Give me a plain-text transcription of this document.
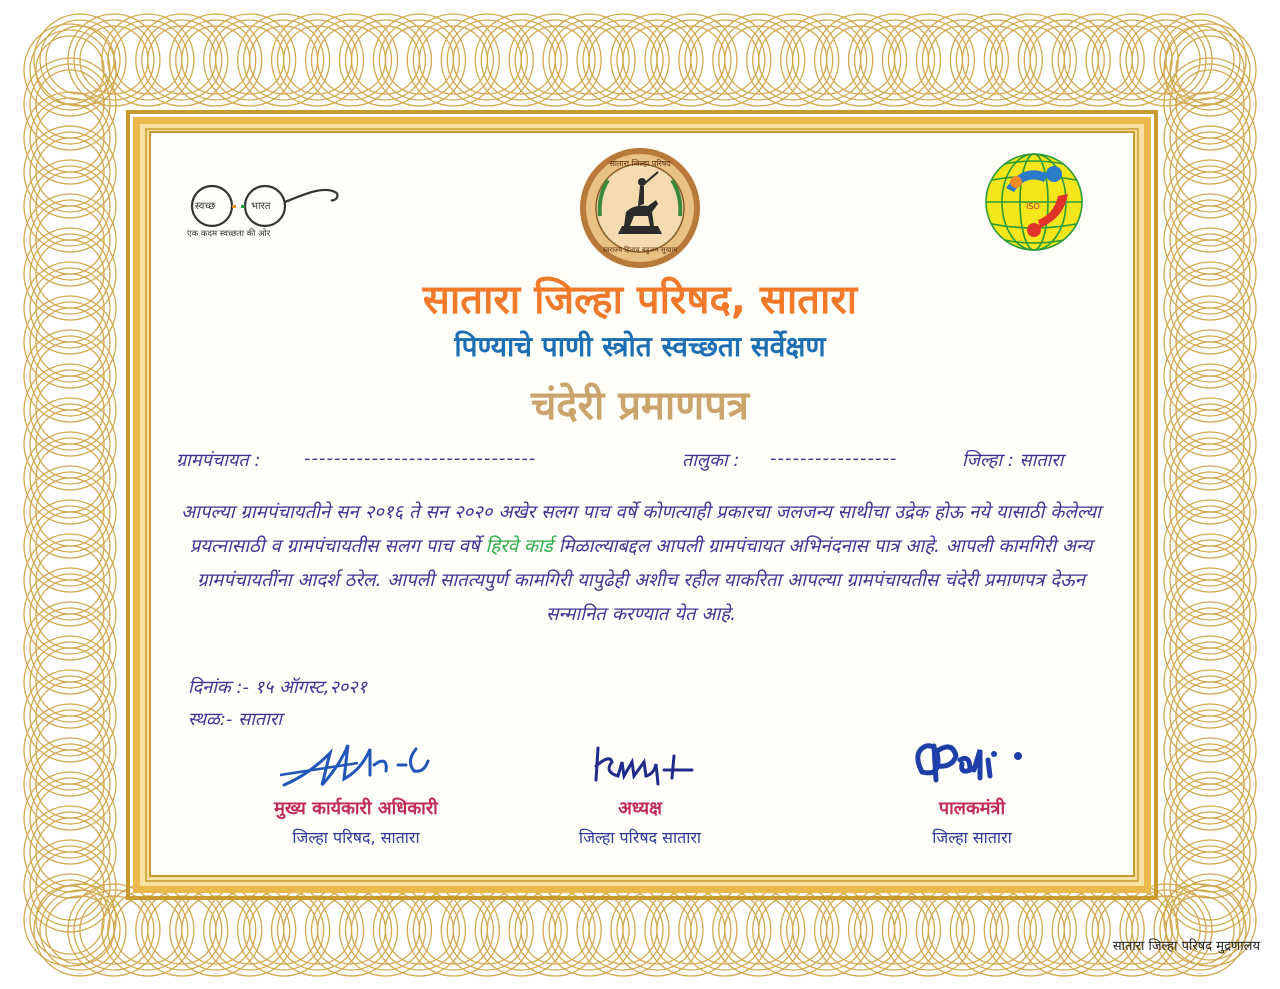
स्वच्छ	भारत
एक कदम स्वच्छता की ओर
सातारा जिल्हा परिषद
स्वराज्य हिताय बहुजन सुखाय
ISO
सातारा जिल्हा परिषद, सातारा
पिण्याचे पाणी स्त्रोत स्वच्छता सर्वेक्षण
चंदेरी प्रमाणपत्र
ग्रामपंचायत : -------------------------------	तालुका : -----------------	जिल्हा : सातारा
आपल्या ग्रामपंचायतीने सन २०१६ ते सन २०२० अखेर सलग पाच वर्षे कोणत्याही प्रकारचा जलजन्य साथीचा उद्रेक होऊ नये यासाठी केलेल्या प्रयत्नासाठी व ग्रामपंचायतीस सलग पाच वर्षे हिरवे कार्ड मिळाल्याबद्दल आपली ग्रामपंचायत अभिनंदनास पात्र आहे. आपली कामगिरी अन्य ग्रामपंचायतींना आदर्श ठरेल. आपली सातत्यपुर्ण कामगिरी यापुढेही अशीच रहील याकरिता आपल्या ग्रामपंचायतीस चंदेरी प्रमाणपत्र देऊन सन्मानित करण्यात येत आहे.
दिनांक :- १५ ऑगस्ट,२०२१
स्थळ:- सातारा
मुख्य कार्यकारी अधिकारी
जिल्हा परिषद, सातारा
अध्यक्ष
जिल्हा परिषद सातारा
पालकमंत्री
जिल्हा सातारा
सातारा जिल्हा परिषद मुद्रणालय
